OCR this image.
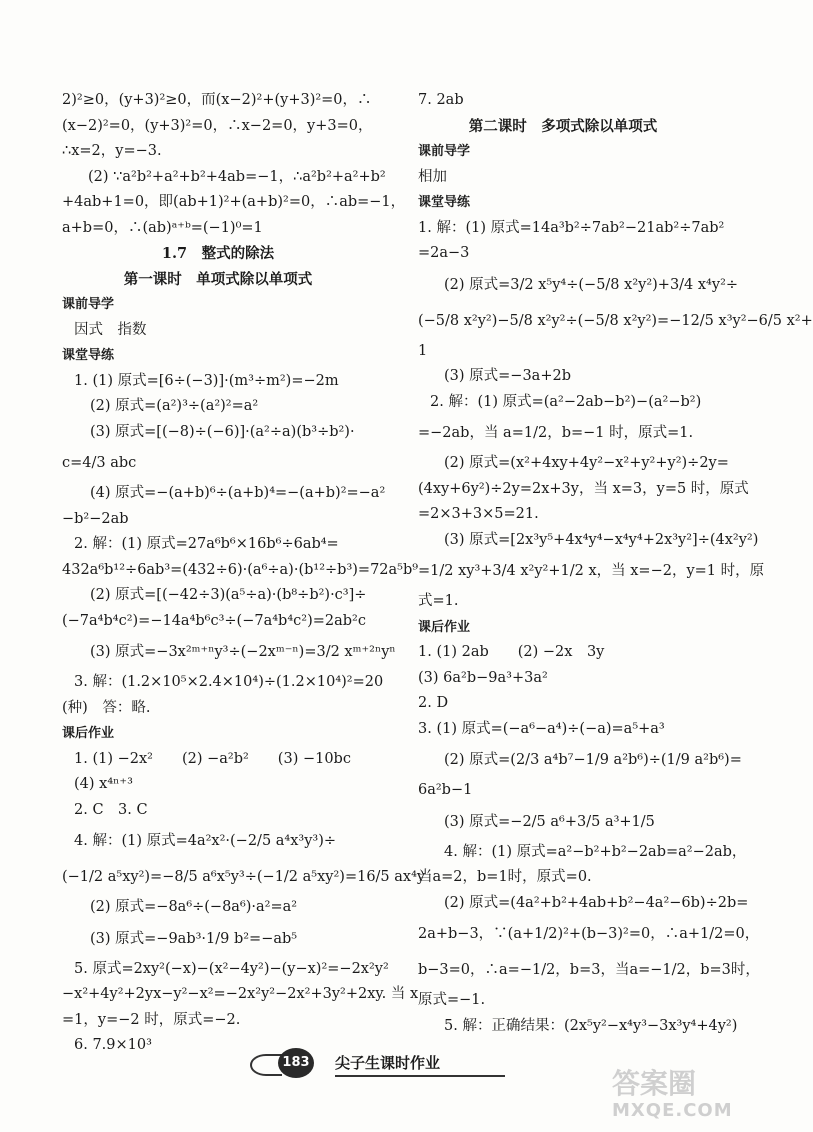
2)²≥0，(y+3)²≥0，而(x−2)²+(y+3)²=0，∴
(x−2)²=0，(y+3)²=0，∴x−2=0，y+3=0，
∴x=2，y=−3.
(2) ∵a²b²+a²+b²+4ab=−1，∴a²b²+a²+b²
+4ab+1=0，即(ab+1)²+(a+b)²=0，∴ab=−1，
a+b=0，∴(ab)ᵃ⁺ᵇ=(−1)⁰=1
1.7　整式的除法
第一课时　单项式除以单项式
课前导学
因式　指数
课堂导练
1. (1) 原式=[6÷(−3)]·(m³÷m²)=−2m
(2) 原式=(a²)³÷(a²)²=a²
(3) 原式=[(−8)÷(−6)]·(a²÷a)(b³÷b²)·
c=4/3 abc
(4) 原式=−(a+b)⁶÷(a+b)⁴=−(a+b)²=−a²
−b²−2ab
2. 解：(1) 原式=27a⁶b⁶×16b⁶÷6ab⁴=
432a⁶b¹²÷6ab³=(432÷6)·(a⁶÷a)·(b¹²÷b³)=72a⁵b⁹
(2) 原式=[(−42÷3)(a⁵÷a)·(b⁸÷b²)·c³]÷
(−7a⁴b⁴c²)=−14a⁴b⁶c³÷(−7a⁴b⁴c²)=2ab²c
(3) 原式=−3x²ᵐ⁺ⁿy³÷(−2xᵐ⁻ⁿ)=3/2 xᵐ⁺²ⁿyⁿ
3. 解：(1.2×10⁵×2.4×10⁴)÷(1.2×10⁴)²=20
(种)　答：略.
课后作业
1. (1) −2x²　　(2) −a²b²　　(3) −10bc
(4) x⁴ⁿ⁺³
2. C　3. C
4. 解：(1) 原式=4a²x²·(−2/5 a⁴x³y³)÷
(−1/2 a⁵xy²)=−8/5 a⁶x⁵y³÷(−1/2 a⁵xy²)=16/5 ax⁴y
(2) 原式=−8a⁶÷(−8a⁶)·a²=a²
(3) 原式=−9ab³·1/9 b²=−ab⁵
5. 原式=2xy²(−x)−(x²−4y²)−(y−x)²=−2x²y²
−x²+4y²+2yx−y²−x²=−2x²y²−2x²+3y²+2xy. 当 x
=1，y=−2 时，原式=−2.
6. 7.9×10³
7. 2ab
第二课时　多项式除以单项式
课前导学
相加
课堂导练
1. 解：(1) 原式=14a³b²÷7ab²−21ab²÷7ab²
=2a−3
(2) 原式=3/2 x⁵y⁴÷(−5/8 x²y²)+3/4 x⁴y²÷
(−5/8 x²y²)−5/8 x²y²÷(−5/8 x²y²)=−12/5 x³y²−6/5 x²+
1
(3) 原式=−3a+2b
2. 解：(1) 原式=(a²−2ab−b²)−(a²−b²)
=−2ab，当 a=1/2，b=−1 时，原式=1.
(2) 原式=(x²+4xy+4y²−x²+y²+y²)÷2y=
(4xy+6y²)÷2y=2x+3y，当 x=3，y=5 时，原式
=2×3+3×5=21.
(3) 原式=[2x³y⁵+4x⁴y⁴−x⁴y⁴+2x³y²]÷(4x²y²)
=1/2 xy³+3/4 x²y²+1/2 x，当 x=−2，y=1 时，原
式=1.
课后作业
1. (1) 2ab　　(2) −2x　3y
(3) 6a²b−9a³+3a²
2. D
3. (1) 原式=(−a⁶−a⁴)÷(−a)=a⁵+a³
(2) 原式=(2/3 a⁴b⁷−1/9 a²b⁶)÷(1/9 a²b⁶)=
6a²b−1
(3) 原式=−2/5 a⁶+3/5 a³+1/5
4. 解：(1) 原式=a²−b²+b²−2ab=a²−2ab，
当a=2，b=1时，原式=0.
(2) 原式=(4a²+b²+4ab+b²−4a²−6b)÷2b=
2a+b−3，∵(a+1/2)²+(b−3)²=0，∴a+1/2=0，
b−3=0，∴a=−1/2，b=3，当a=−1/2，b=3时，
原式=−1.
5. 解：正确结果：(2x⁵y²−x⁴y³−3x³y⁴+4y²)
183 尖子生课时作业
答案圈
MXQE.COM
